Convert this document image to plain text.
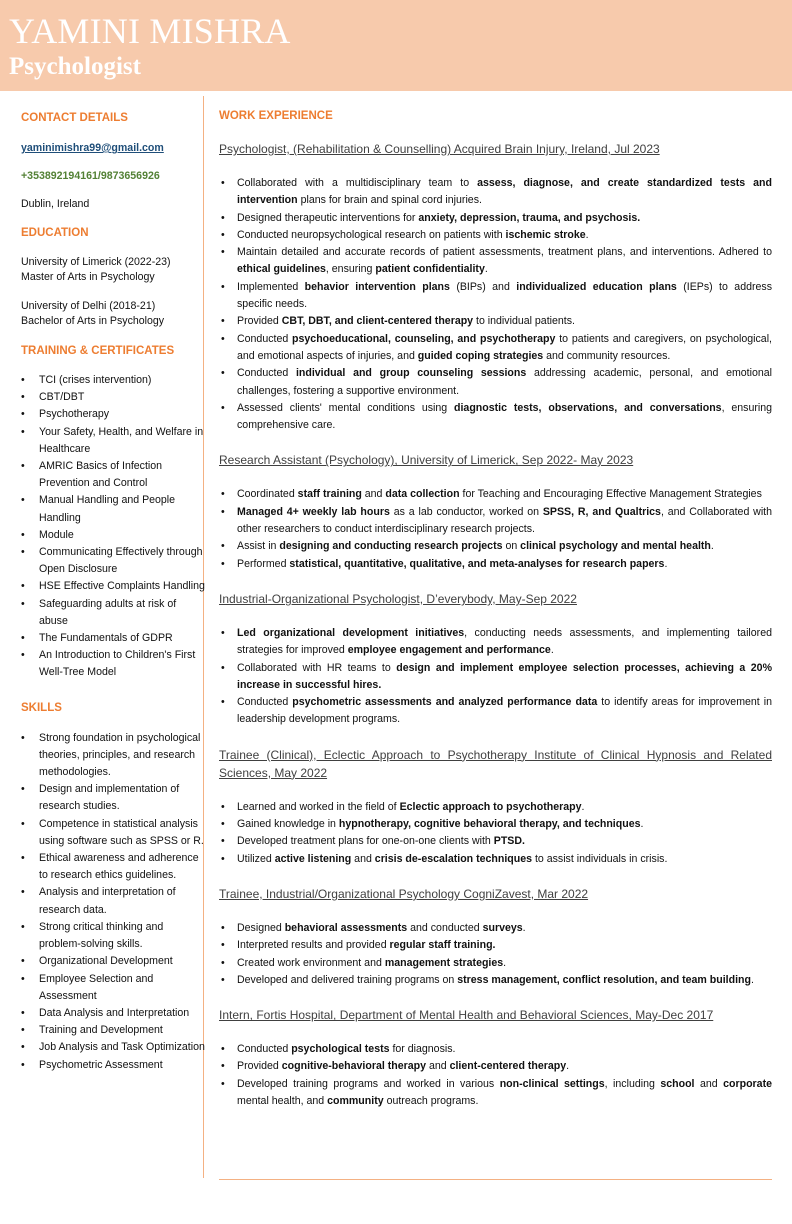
YAMINI MISHRA
Psychologist
CONTACT DETAILS
yaminimishra99@gmail.com
+353892194161/9873656926
Dublin, Ireland
EDUCATION
University of Limerick (2022-23)
Master of Arts in Psychology
University of Delhi (2018-21)
Bachelor of Arts in Psychology
TRAINING & CERTIFICATES
• TCI (crises intervention)
• CBT/DBT
• Psychotherapy
• Your Safety, Health, and Welfare in Healthcare
• AMRIC Basics of Infection Prevention and Control
• Manual Handling and People Handling
• Module
• Communicating Effectively through Open Disclosure
• HSE Effective Complaints Handling
• Safeguarding adults at risk of abuse
• The Fundamentals of GDPR
• An Introduction to Children's First Well-Tree Model
SKILLS
• Strong foundation in psychological theories, principles, and research methodologies.
• Design and implementation of research studies.
• Competence in statistical analysis using software such as SPSS or R.
• Ethical awareness and adherence to research ethics guidelines.
• Analysis and interpretation of research data.
• Strong critical thinking and problem-solving skills.
• Organizational Development
• Employee Selection and Assessment
• Data Analysis and Interpretation
• Training and Development
• Job Analysis and Task Optimization
• Psychometric Assessment
WORK EXPERIENCE
Psychologist, (Rehabilitation & Counselling) Acquired Brain Injury, Ireland, Jul 2023
• Collaborated with a multidisciplinary team to assess, diagnose, and create standardized tests and intervention plans for brain and spinal cord injuries.
• Designed therapeutic interventions for anxiety, depression, trauma, and psychosis.
• Conducted neuropsychological research on patients with ischemic stroke.
• Maintain detailed and accurate records of patient assessments, treatment plans, and interventions. Adhered to ethical guidelines, ensuring patient confidentiality.
• Implemented behavior intervention plans (BIPs) and individualized education plans (IEPs) to address specific needs.
• Provided CBT, DBT, and client-centered therapy to individual patients.
• Conducted psychoeducational, counseling, and psychotherapy to patients and caregivers, on psychological, and emotional aspects of injuries, and guided coping strategies and community resources.
• Conducted individual and group counseling sessions addressing academic, personal, and emotional challenges, fostering a supportive environment.
• Assessed clients' mental conditions using diagnostic tests, observations, and conversations, ensuring comprehensive care.
Research Assistant (Psychology), University of Limerick, Sep 2022- May 2023
• Coordinated staff training and data collection for Teaching and Encouraging Effective Management Strategies
• Managed 4+ weekly lab hours as a lab conductor, worked on SPSS, R, and Qualtrics, and Collaborated with other researchers to conduct interdisciplinary research projects.
• Assist in designing and conducting research projects on clinical psychology and mental health.
• Performed statistical, quantitative, qualitative, and meta-analyses for research papers.
Industrial-Organizational Psychologist, D’everybody, May-Sep 2022
• Led organizational development initiatives, conducting needs assessments, and implementing tailored strategies for improved employee engagement and performance.
• Collaborated with HR teams to design and implement employee selection processes, achieving a 20% increase in successful hires.
• Conducted psychometric assessments and analyzed performance data to identify areas for improvement in leadership development programs.
Trainee (Clinical), Eclectic Approach to Psychotherapy Institute of Clinical Hypnosis and Related Sciences, May 2022
• Learned and worked in the field of Eclectic approach to psychotherapy.
• Gained knowledge in hypnotherapy, cognitive behavioral therapy, and techniques.
• Developed treatment plans for one-on-one clients with PTSD.
• Utilized active listening and crisis de-escalation techniques to assist individuals in crisis.
Trainee, Industrial/Organizational Psychology CogniZavest, Mar 2022
• Designed behavioral assessments and conducted surveys.
• Interpreted results and provided regular staff training.
• Created work environment and management strategies.
• Developed and delivered training programs on stress management, conflict resolution, and team building.
Intern, Fortis Hospital, Department of Mental Health and Behavioral Sciences, May-Dec 2017
• Conducted psychological tests for diagnosis.
• Provided cognitive-behavioral therapy and client-centered therapy.
• Developed training programs and worked in various non-clinical settings, including school and corporate mental health, and community outreach programs.
